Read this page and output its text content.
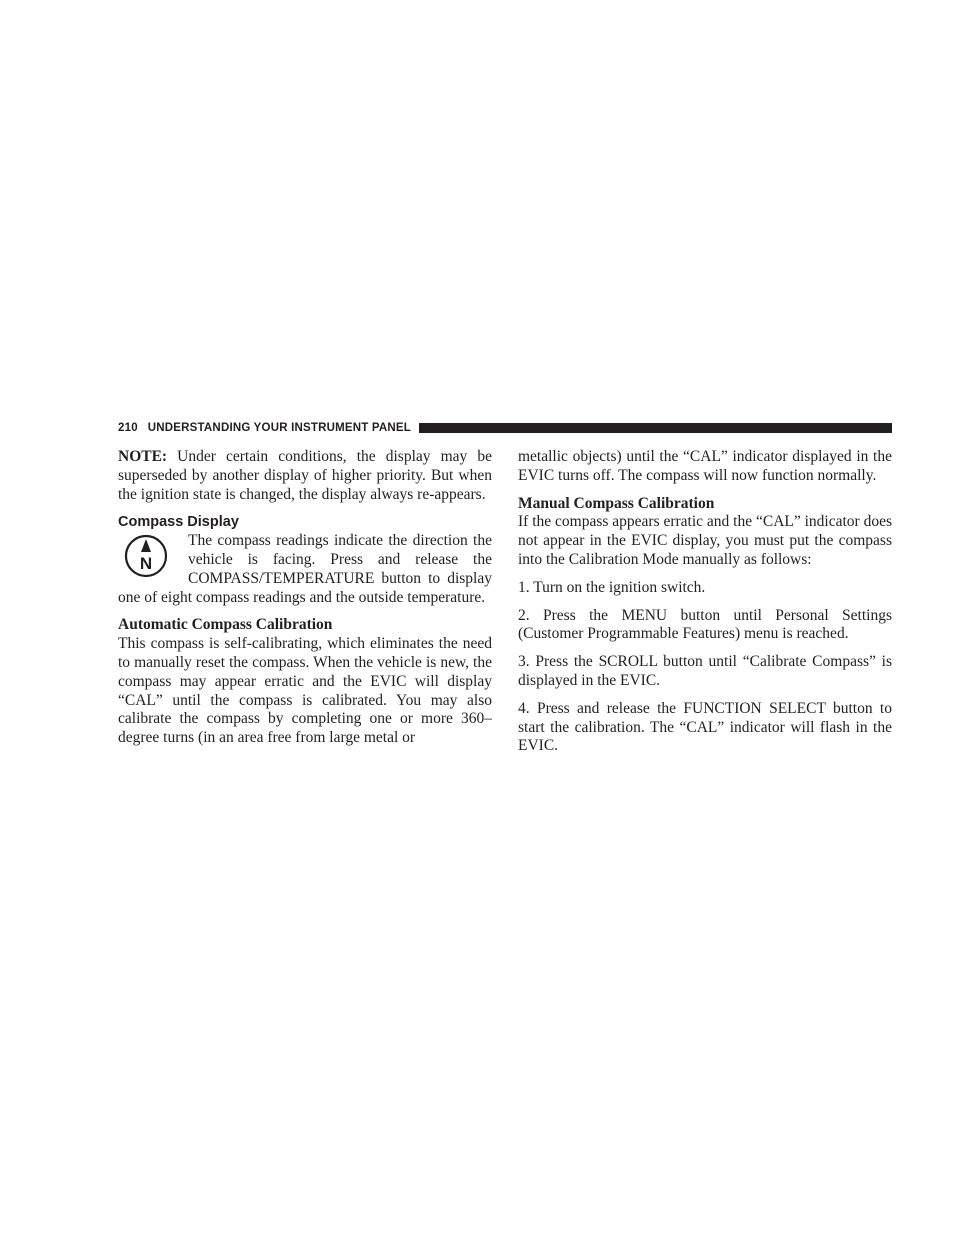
210 UNDERSTANDING YOUR INSTRUMENT PANEL

NOTE: Under certain conditions, the display may be superseded by another display of higher priority. But when the ignition state is changed, the display always re-appears.

Compass Display
N

The compass readings indicate the direction the vehicle is facing. Press and release the COMPASS/TEMPERATURE button to display one of eight compass readings and the outside temperature.

Automatic Compass Calibration

This compass is self-calibrating, which eliminates the need to manually reset the compass. When the vehicle is new, the compass may appear erratic and the EVIC will display “CAL” until the compass is calibrated. You may also calibrate the compass by completing one or more 360–degree turns (in an area free from large metal or

metallic objects) until the “CAL” indicator displayed in the EVIC turns off. The compass will now function normally.

Manual Compass Calibration

If the compass appears erratic and the “CAL” indicator does not appear in the EVIC display, you must put the compass into the Calibration Mode manually as follows:

1. Turn on the ignition switch.

2. Press the MENU button until Personal Settings (Customer Programmable Features) menu is reached.

3. Press the SCROLL button until “Calibrate Compass” is displayed in the EVIC.

4. Press and release the FUNCTION SELECT button to start the calibration. The “CAL” indicator will flash in the EVIC.
